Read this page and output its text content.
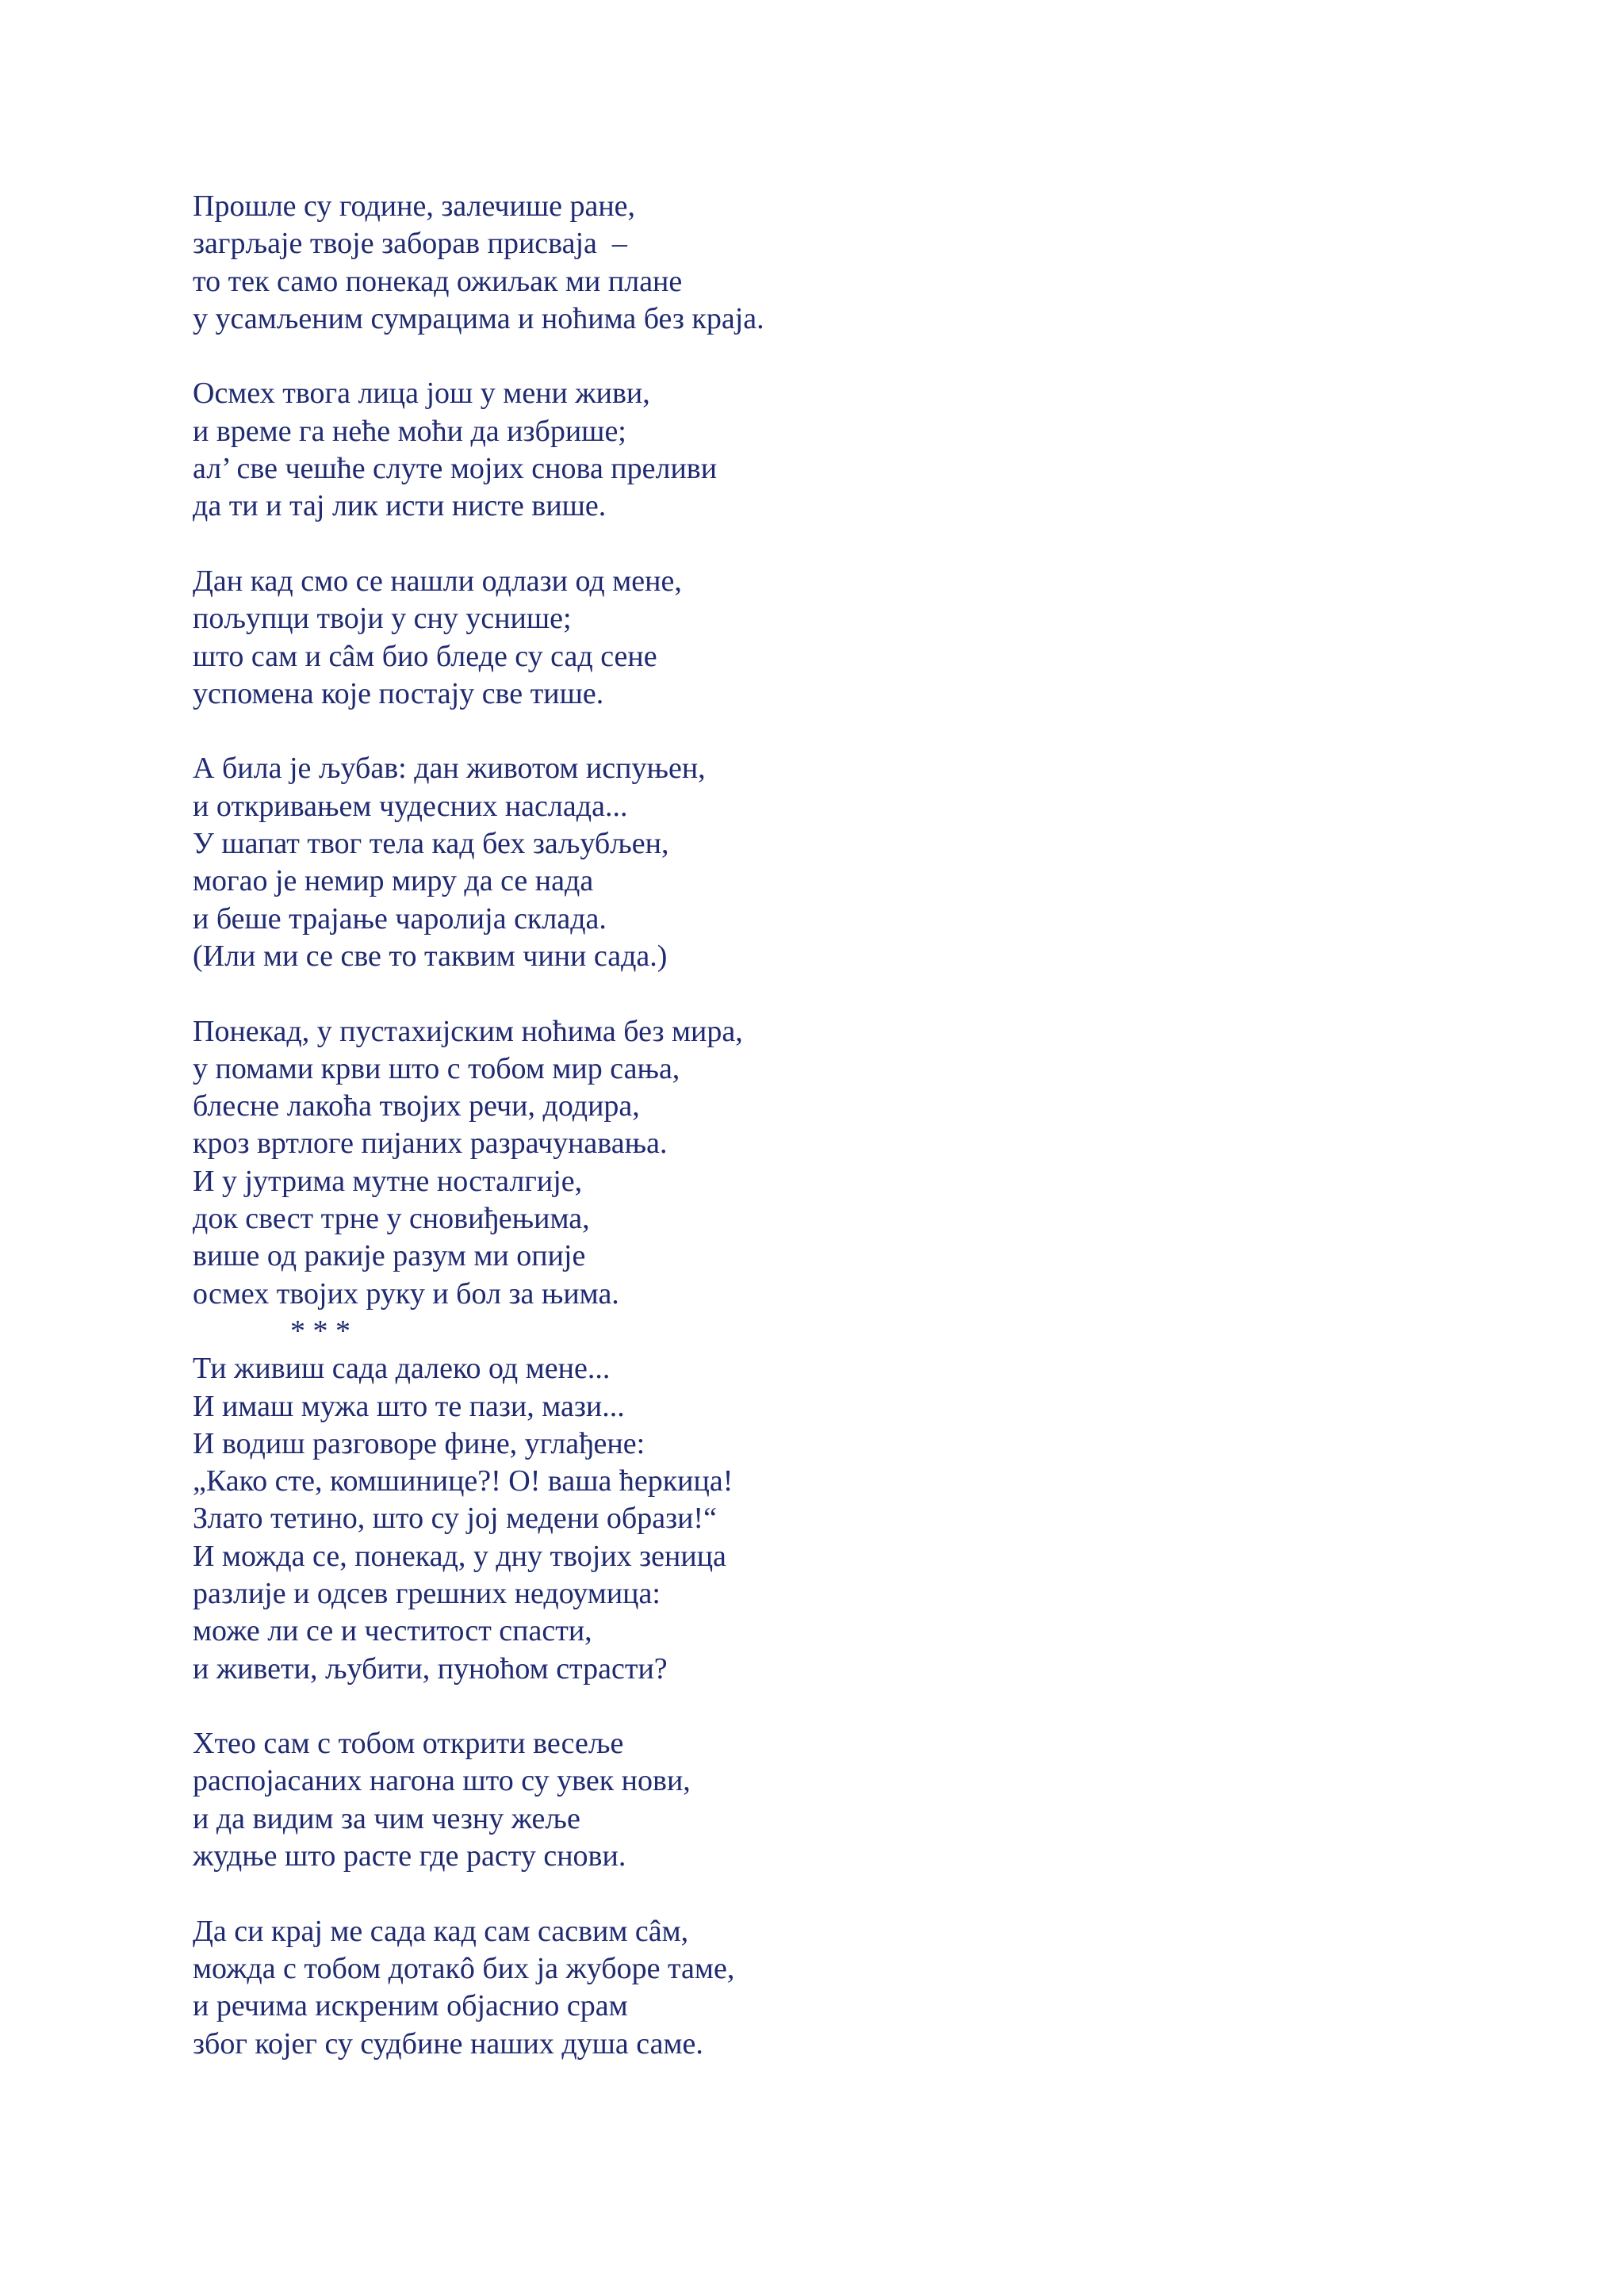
Прошле су године, залечише ране,
загрљаје твоје заборав присваја  –
то тек само понекад ожиљак ми плане
у усамљеним сумрацима и ноћима без краја.
Осмех твога лица још у мени живи,
и време га неће моћи да избрише;
ал’ све чешће слуте мојих снова преливи
да ти и тај лик исти нисте више.
Дан кад смо се нашли одлази од мене,
пољупци твоји у сну уснише;
што сам и сâм био бледе су сад сене
успомена које постају све тише.
А била је љубав: дан животом испуњен,
и откривањем чудесних наслада...
У шапат твог тела кад бех заљубљен,
могао је немир миру да се нада
и беше трајање чаролија склада.
(Или ми се све то таквим чини сада.)
Понекад, у пустахијским ноћима без мира,
у помами крви што с тобом мир сања,
блесне лакоћа твојих речи, додира,
кроз вртлоге пијаних разрачунавања.
И у јутрима мутне носталгије,
док свест трне у сновиђењима,
више од ракије разум ми опије
осмех твојих руку и бол за њима.
* * *
Ти живиш сада далеко од мене...
И имаш мужа што те пази, мази...
И водиш разговоре фине, углађене:
„Како сте, комшинице?! О! ваша ћеркица!
Злато тетино, што су јој медени образи!“
И можда се, понекад, у дну твојих зеница
разлије и одсев грешних недоумица:
може ли се и честитост спасти,
и живети, љубити, пуноћом страсти?
Хтео сам с тобом открити весеље
распојасаних нагона што су увек нови,
и да видим за чим чезну жеље
жудње што расте где расту снови.
Да си крај ме сада кад сам сасвим сâм,
можда с тобом дотакô бих ја жуборе таме,
и речима искреним објаснио срам
због којег су судбине наших душа саме.
